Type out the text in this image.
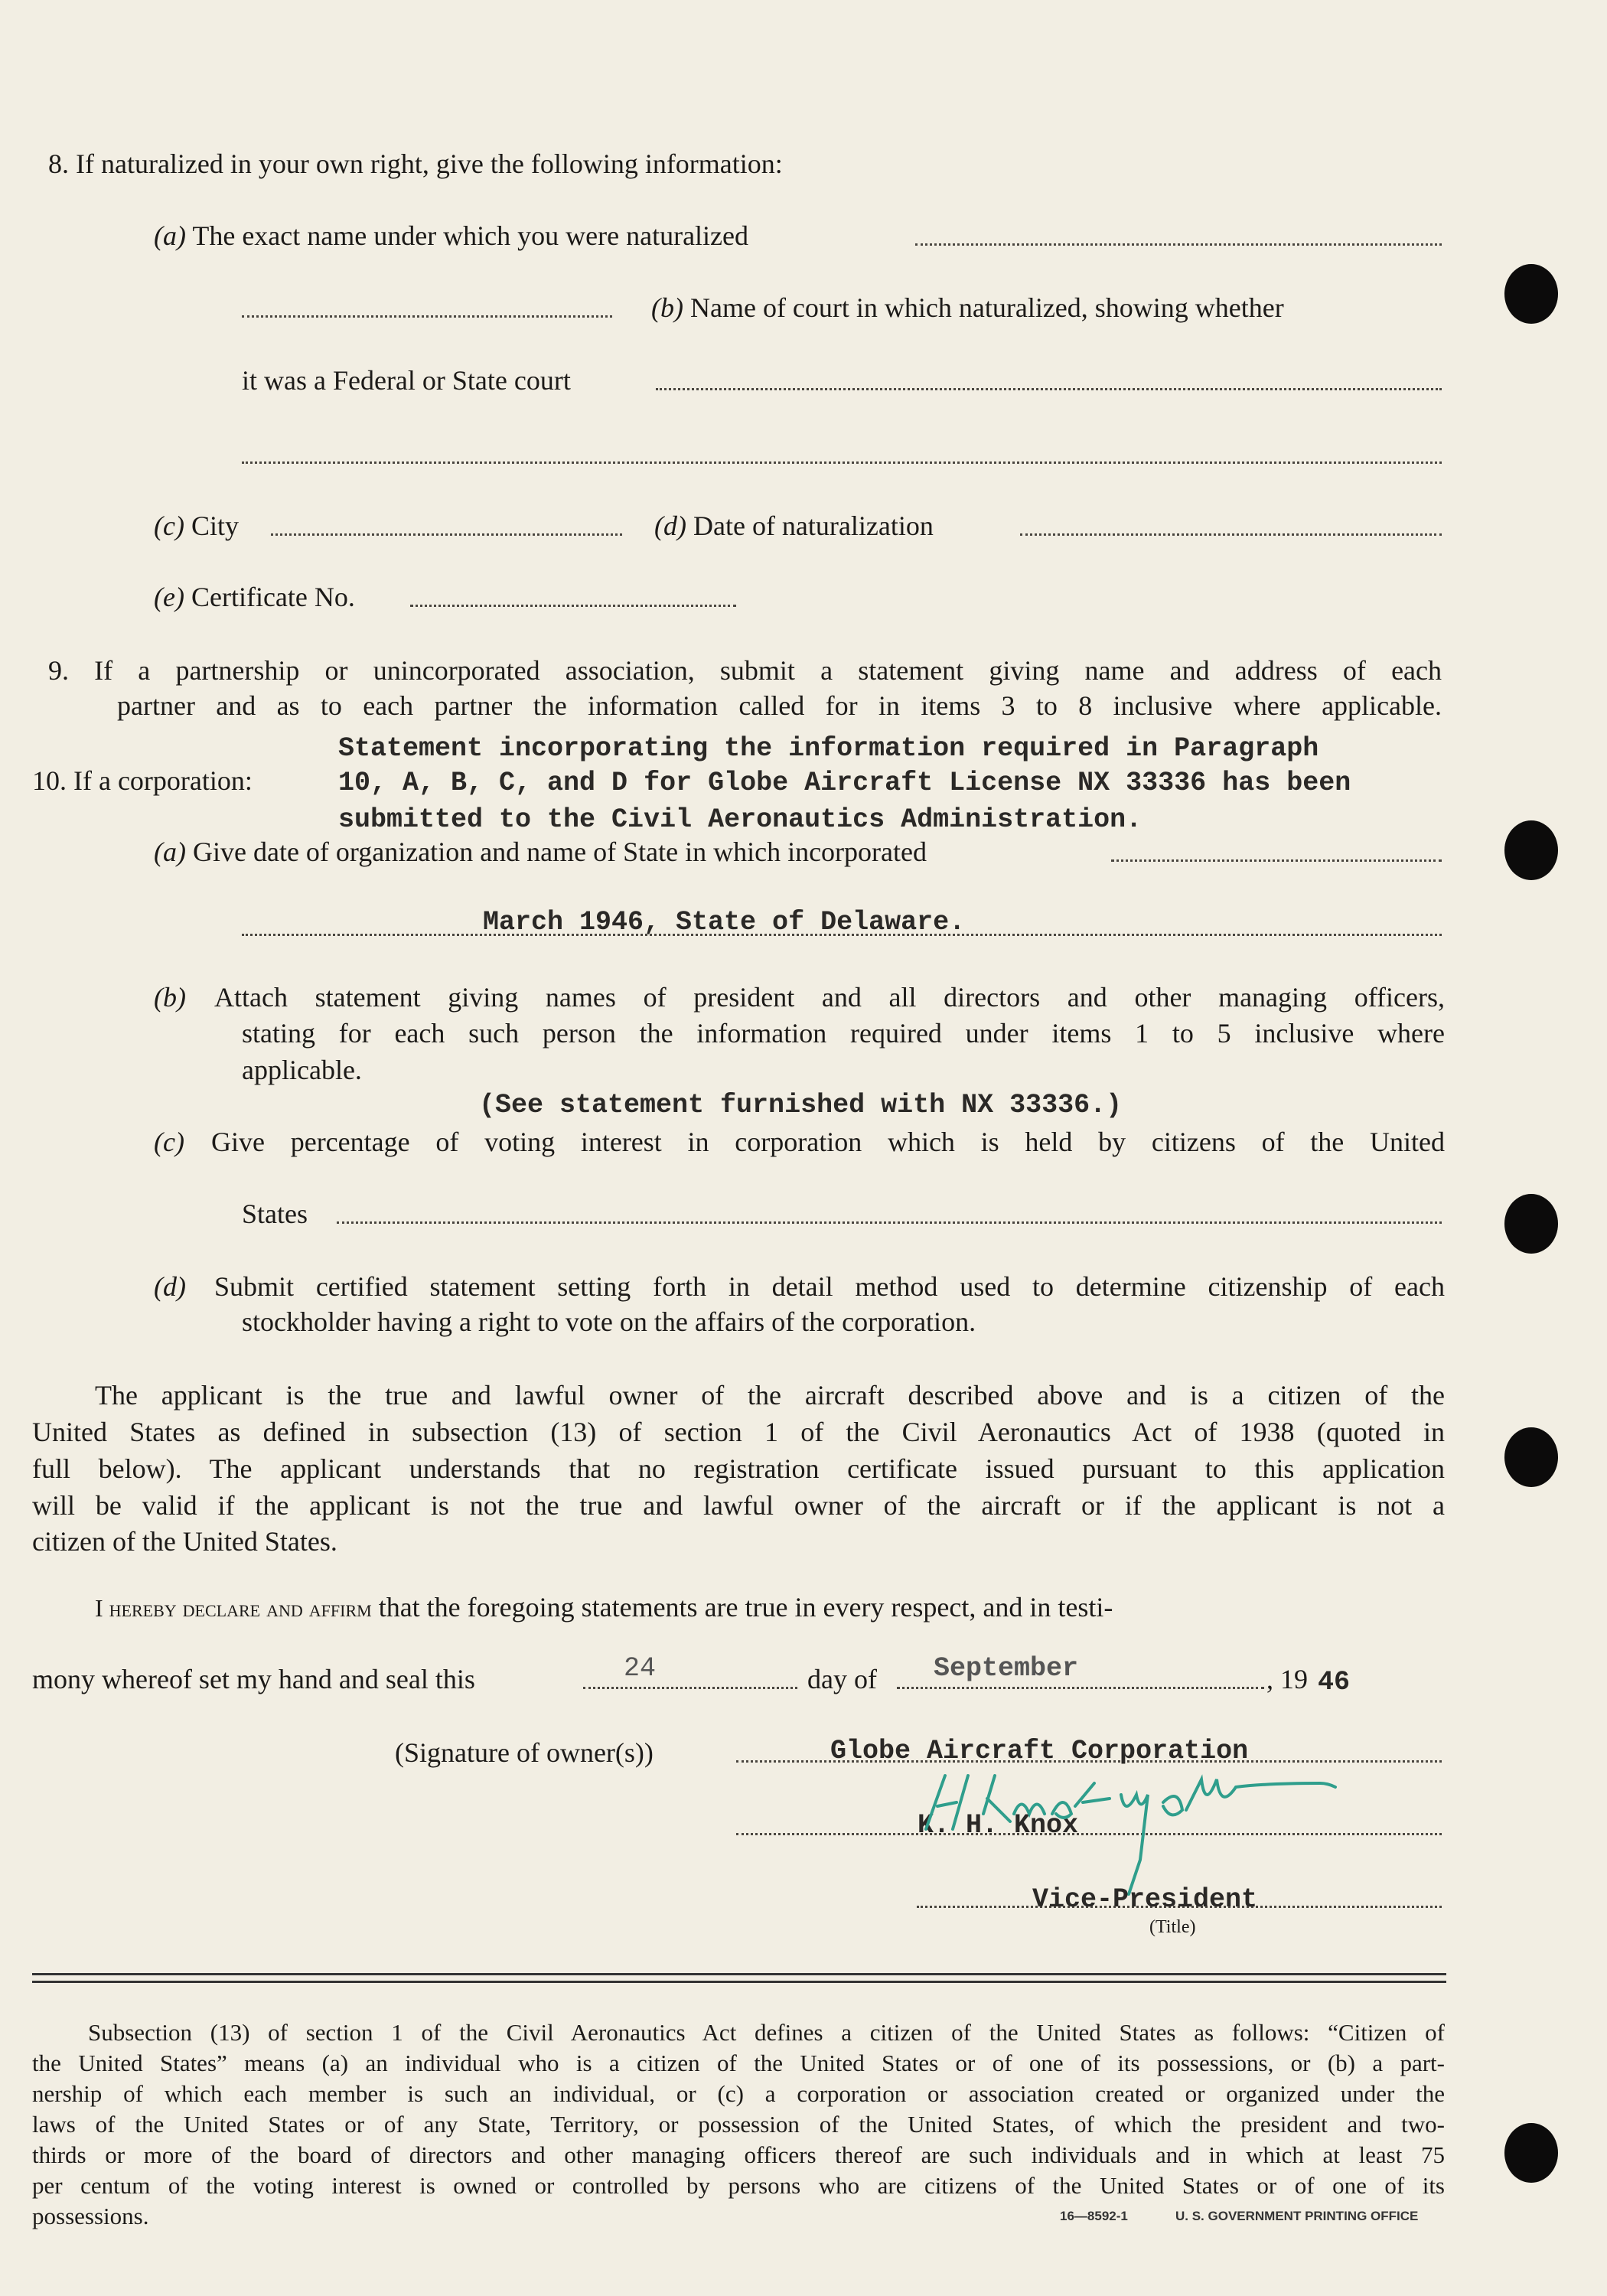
8. If naturalized in your own right, give the following information:
(a) The exact name under which you were naturalized
(b) Name of court in which naturalized, showing whether
it was a Federal or State court
(c) City	(d) Date of naturalization
(e) Certificate No.
9. If a partnership or unincorporated association, submit a statement giving name and address of each
partner and as to each partner the information called for in items 3 to 8 inclusive where applicable.
Statement incorporating the information required in Paragraph
10. If a corporation:	10, A, B, C, and D for Globe Aircraft License NX 33336 has been
submitted to the Civil Aeronautics Administration.
(a) Give date of organization and name of State in which incorporated
March 1946, State of Delaware.
(b) Attach statement giving names of president and all directors and other managing officers,
stating for each such person the information required under items 1 to 5 inclusive where
applicable.
(See statement furnished with NX 33336.)
(c) Give percentage of voting interest in corporation which is held by citizens of the United
States
(d) Submit certified statement setting forth in detail method used to determine citizenship of each
stockholder having a right to vote on the affairs of the corporation.
The applicant is the true and lawful owner of the aircraft described above and is a citizen of the
United States as defined in subsection (13) of section 1 of the Civil Aeronautics Act of 1938 (quoted in
full below). The applicant understands that no registration certificate issued pursuant to this application
will be valid if the applicant is not the true and lawful owner of the aircraft or if the applicant is not a
citizen of the United States.
I hereby declare and affirm that the foregoing statements are true in every respect, and in testi-
mony whereof set my hand and seal this	24	day of September	, 19 46
(Signature of owner(s))	Globe Aircraft Corporation
K. H. Knox
Vice-President
(Title)
Subsection (13) of section 1 of the Civil Aeronautics Act defines a citizen of the United States as follows: “Citizen of
the United States” means (a) an individual who is a citizen of the United States or of one of its possessions, or (b) a part-
nership of which each member is such an individual, or (c) a corporation or association created or organized under the
laws of the United States or of any State, Territory, or possession of the United States, of which the president and two-
thirds or more of the board of directors and other managing officers thereof are such individuals and in which at least 75
per centum of the voting interest is owned or controlled by persons who are citizens of the United States or of one of its
possessions.	16—8592-1	U. S. GOVERNMENT PRINTING OFFICE
